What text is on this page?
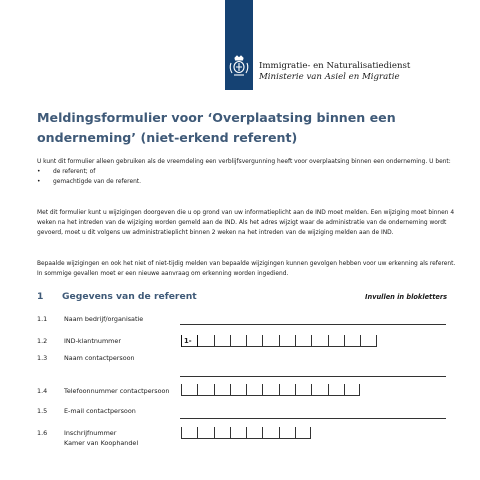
Immigratie- en Naturalisatiedienst
Ministerie van Asiel en Migratie
Meldingsformulier voor ‘Overplaatsing binnen een onderneming’ (niet-erkend referent)

U kunt dit formulier alleen gebruiken als de vreemdeling een verblijfsvergunning heeft voor overplaatsing binnen een onderneming. U bent:

• de referent; of
• gemachtigde van de referent.

Met dit formulier kunt u wijzigingen doorgeven die u op grond van uw informatieplicht aan de IND moet melden. Een wijziging moet binnen 4 weken na het intreden van de wijziging worden gemeld aan de IND. Als het adres wijzigt waar de administratie van de onderneming wordt gevoerd, moet u dit volgens uw administratieplicht binnen 2 weken na het intreden van de wijziging melden aan de IND.

Bepaalde wijzigingen en ook het niet of niet-tijdig melden van bepaalde wijzigingen kunnen gevolgen hebben voor uw erkenning als referent. In sommige gevallen moet er een nieuwe aanvraag om erkenning worden ingediend.

1 Gegevens van de referent	Invullen in blokletters
1.1	Naam bedrijf/organisatie
1.2	IND-klantnummer	1-
1.3	Naam contactpersoon
1.4	Telefoonnummer contactpersoon
1.5	E-mail contactpersoon
1.6	Inschrijfnummer
Kamer van Koophandel
